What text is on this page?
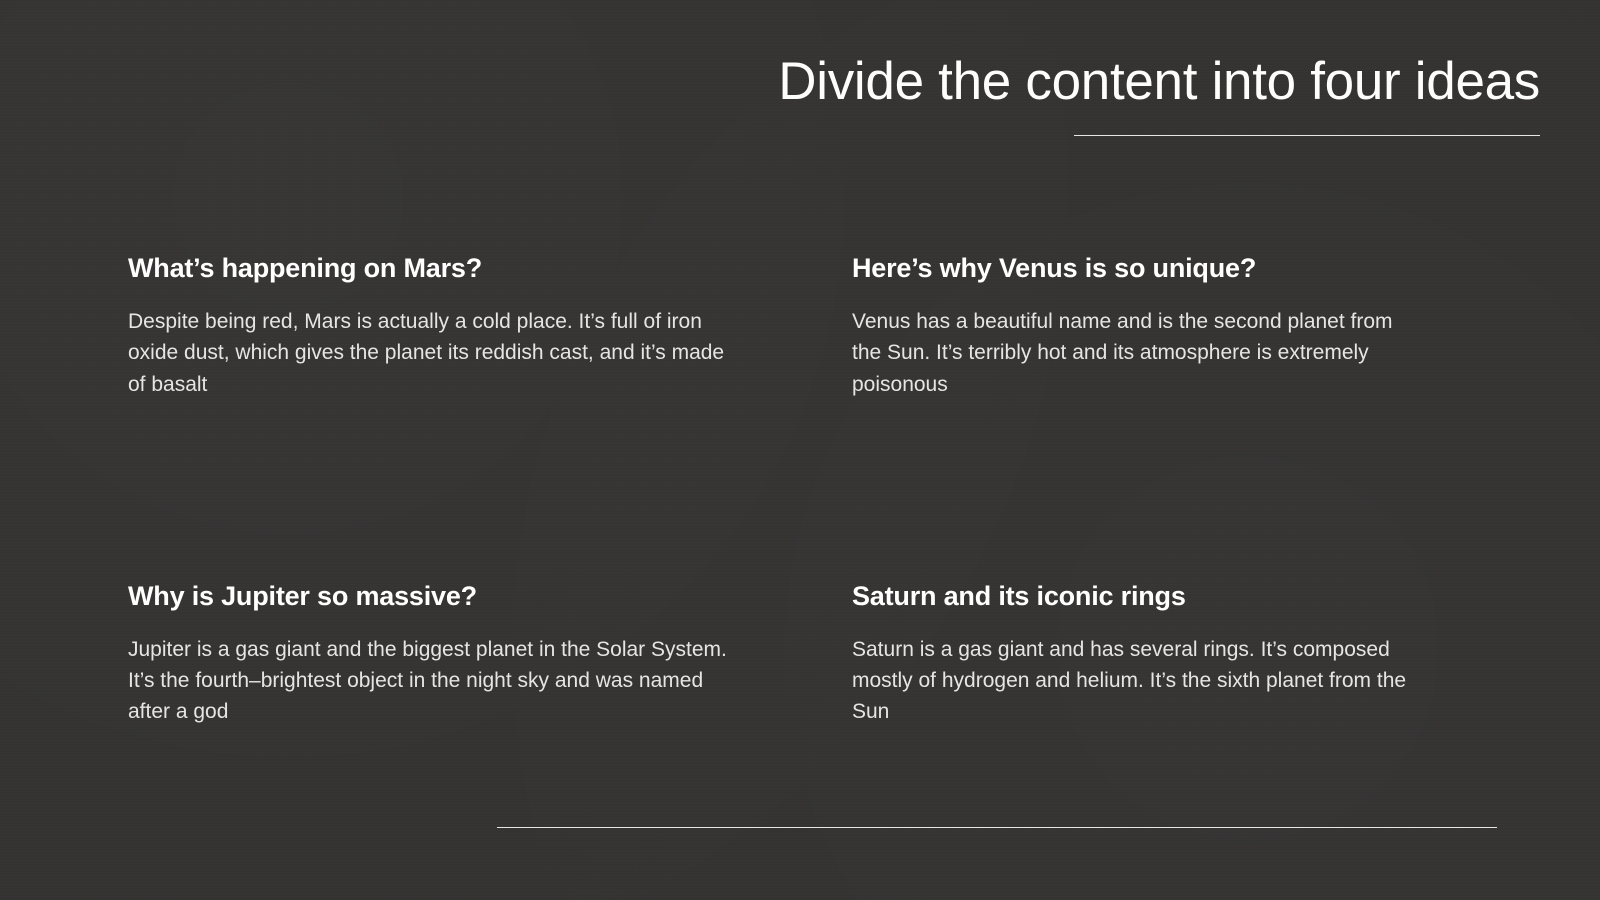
Divide the content into four ideas
What’s happening on Mars?
Despite being red, Mars is actually a cold place. It’s full of iron oxide dust, which gives the planet its reddish cast, and it’s made of basalt
Here’s why Venus is so unique?
Venus has a beautiful name and is the second planet from the Sun. It’s terribly hot and its atmosphere is extremely poisonous
Why is Jupiter so massive?
Jupiter is a gas giant and the biggest planet in the Solar System. It’s the fourth–brightest object in the night sky and was named after a god
Saturn and its iconic rings
Saturn is a gas giant and has several rings. It’s composed mostly of hydrogen and helium. It’s the sixth planet from the Sun
